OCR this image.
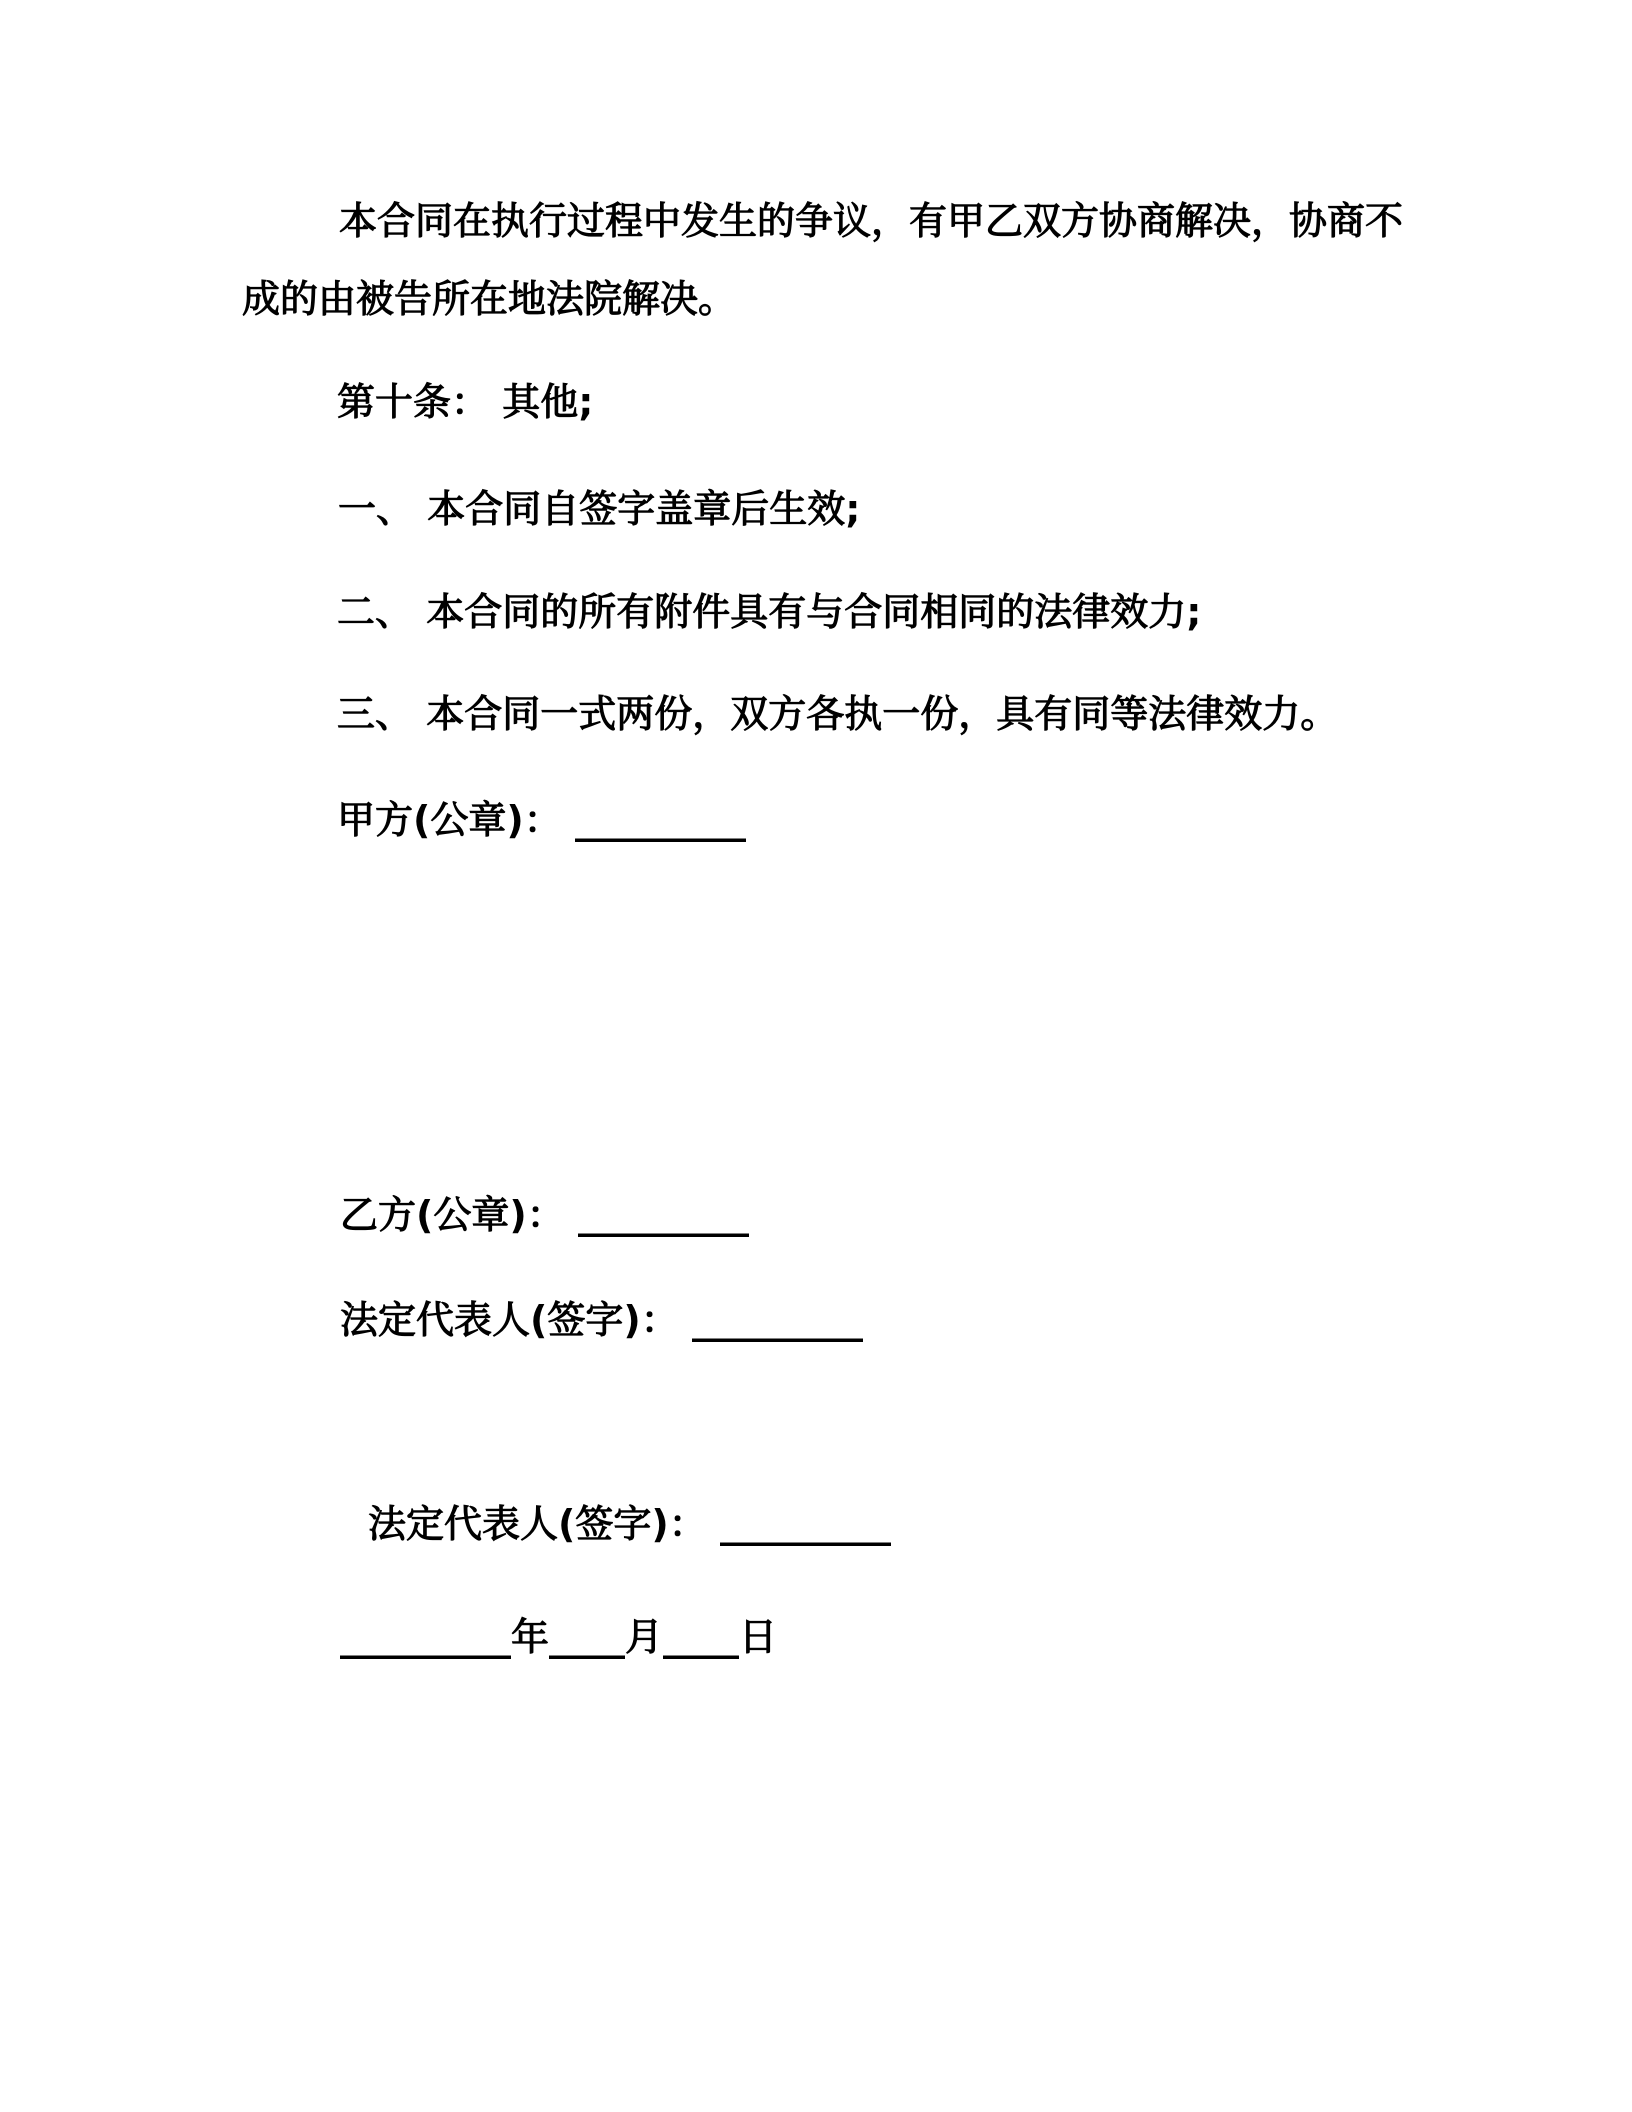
本合同在执行过程中发生的争议，有甲乙双方协商解决，协商不
成的由被告所在地法院解决。
第十条： 其他;
一、 本合同自签字盖章后生效;
二、 本合同的所有附件具有与合同相同的法律效力;
三、 本合同一式两份，双方各执一份，具有同等法律效力。
甲方(公章)： _________
乙方(公章)： _________
法定代表人(签字)： _________
法定代表人(签字)： _________
_________年____月____日
